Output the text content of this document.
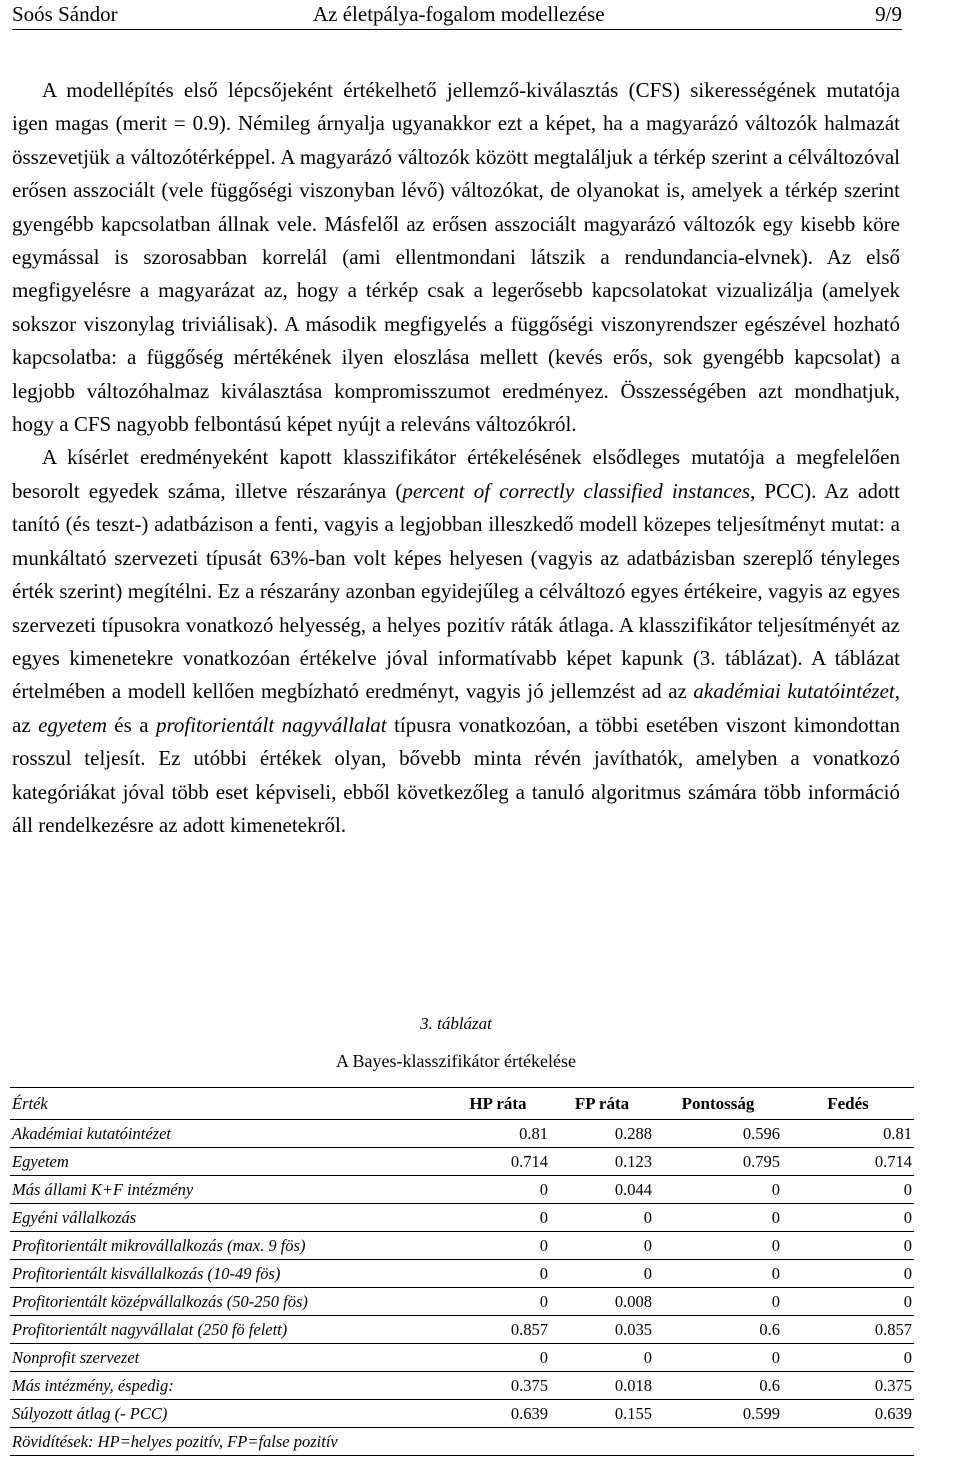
Soós Sándor	Az életpálya-fogalom modellezése	9/9

A modellépítés első lépcsőjeként értékelhető jellemző-kiválasztás (CFS) sikerességének mutatója igen magas (merit = 0.9). Némileg árnyalja ugyanakkor ezt a képet, ha a magyarázó változók halmazát összevetjük a változótérképpel. A magyarázó változók között megtaláljuk a térkép szerint a célváltozóval erősen asszociált (vele függőségi viszonyban lévő) változókat, de olyanokat is, amelyek a térkép szerint gyengébb kapcsolatban állnak vele. Másfelől az erősen asszociált magyarázó változók egy kisebb köre egymással is szorosabban korrelál (ami ellentmondani látszik a rendundancia-elvnek). Az első megfigyelésre a magyarázat az, hogy a térkép csak a legerősebb kapcsolatokat vizualizálja (amelyek sokszor viszonylag triviálisak). A második megfigyelés a függőségi viszonyrendszer egészével hozható kapcsolatba: a függőség mértékének ilyen eloszlása mellett (kevés erős, sok gyengébb kapcsolat) a legjobb változóhalmaz kiválasztása kompromisszumot eredményez. Összességében azt mondhatjuk, hogy a CFS nagyobb felbontású képet nyújt a releváns változókról.

A kísérlet eredményeként kapott klasszifikátor értékelésének elsődleges mutatója a megfelelően besorolt egyedek száma, illetve részaránya (percent of correctly classified instances, PCC). Az adott tanító (és teszt-) adatbázison a fenti, vagyis a legjobban illeszkedő modell közepes teljesítményt mutat: a munkáltató szervezeti típusát 63%-ban volt képes helyesen (vagyis az adatbázisban szereplő tényleges érték szerint) megítélni. Ez a részarány azonban egyidejűleg a célváltozó egyes értékeire, vagyis az egyes szervezeti típusokra vonatkozó helyesség, a helyes pozitív ráták átlaga. A klasszifikátor teljesítményét az egyes kimenetekre vonatkozóan értékelve jóval informatívabb képet kapunk (3. táblázat). A táblázat értelmében a modell kellően megbízható eredményt, vagyis jó jellemzést ad az akadémiai kutatóintézet, az egyetem és a profitorientált nagyvállalat típusra vonatkozóan, a többi esetében viszont kimondottan rosszul teljesít. Ez utóbbi értékek olyan, bővebb minta révén javíthatók, amelyben a vonatkozó kategóriákat jóval több eset képviseli, ebből következőleg a tanuló algoritmus számára több információ áll rendelkezésre az adott kimenetekről.

3. táblázat
A Bayes-klasszifikátor értékelése
Érték	HP ráta	FP ráta	Pontosság	Fedés
Akadémiai kutatóintézet	0.81	0.288	0.596	0.81
Egyetem	0.714	0.123	0.795	0.714
Más állami K+F intézmény	0	0.044	0	0
Egyéni vállalkozás	0	0	0	0
Profitorientált mikrovállalkozás (max. 9 fös)	0	0	0	0
Profitorientált kisvállalkozás (10-49 fös)	0	0	0	0
Profitorientált középvállalkozás (50-250 fös)	0	0.008	0	0
Profitorientált nagyvállalat (250 fö felett)	0.857	0.035	0.6	0.857
Nonprofit szervezet	0	0	0	0
Más intézmény, éspedig:	0.375	0.018	0.6	0.375
Súlyozott átlag (- PCC)	0.639	0.155	0.599	0.639
Rövidítések: HP=helyes pozitív, FP=false pozitív				
